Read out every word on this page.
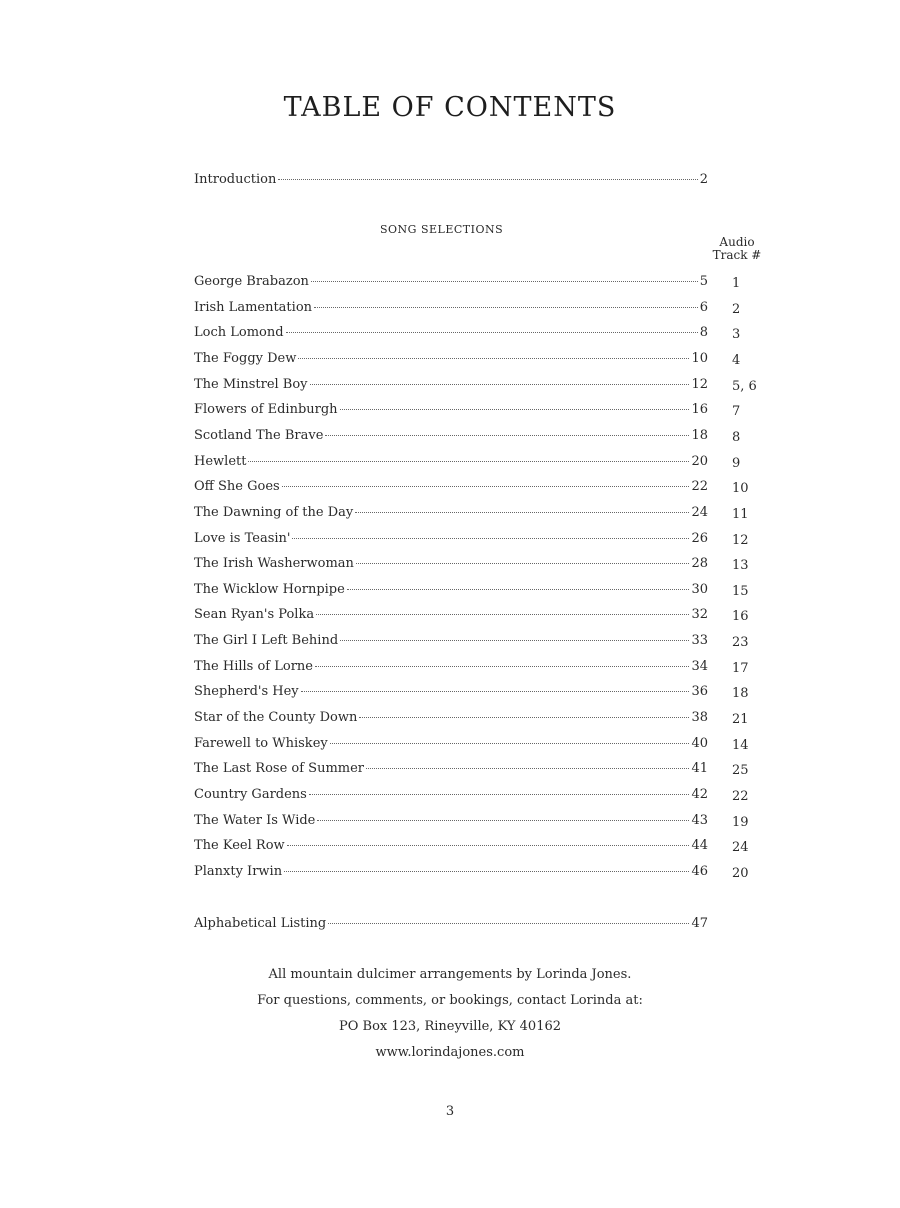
TABLE OF CONTENTS
Introduction	2
SONG SELECTIONS
Audio
Track #
George Brabazon	5 1
Irish Lamentation	6 2
Loch Lomond	8 3
The Foggy Dew	10 4
The Minstrel Boy	12 5, 6
Flowers of Edinburgh	16 7
Scotland The Brave	18 8
Hewlett	20 9
Off She Goes	22 10
The Dawning of the Day	24 11
Love is Teasin'	26 12
The Irish Washerwoman	28 13
The Wicklow Hornpipe	30 15
Sean Ryan's Polka	32 16
The Girl I Left Behind	33 23
The Hills of Lorne	34 17
Shepherd's Hey	36 18
Star of the County Down	38 21
Farewell to Whiskey	40 14
The Last Rose of Summer	41 25
Country Gardens	42 22
The Water Is Wide	43 19
The Keel Row	44 24
Planxty Irwin	46 20
Alphabetical Listing	47
All mountain dulcimer arrangements by Lorinda Jones.
For questions, comments, or bookings, contact Lorinda at:
PO Box 123, Rineyville, KY 40162
www.lorindajones.com
3
